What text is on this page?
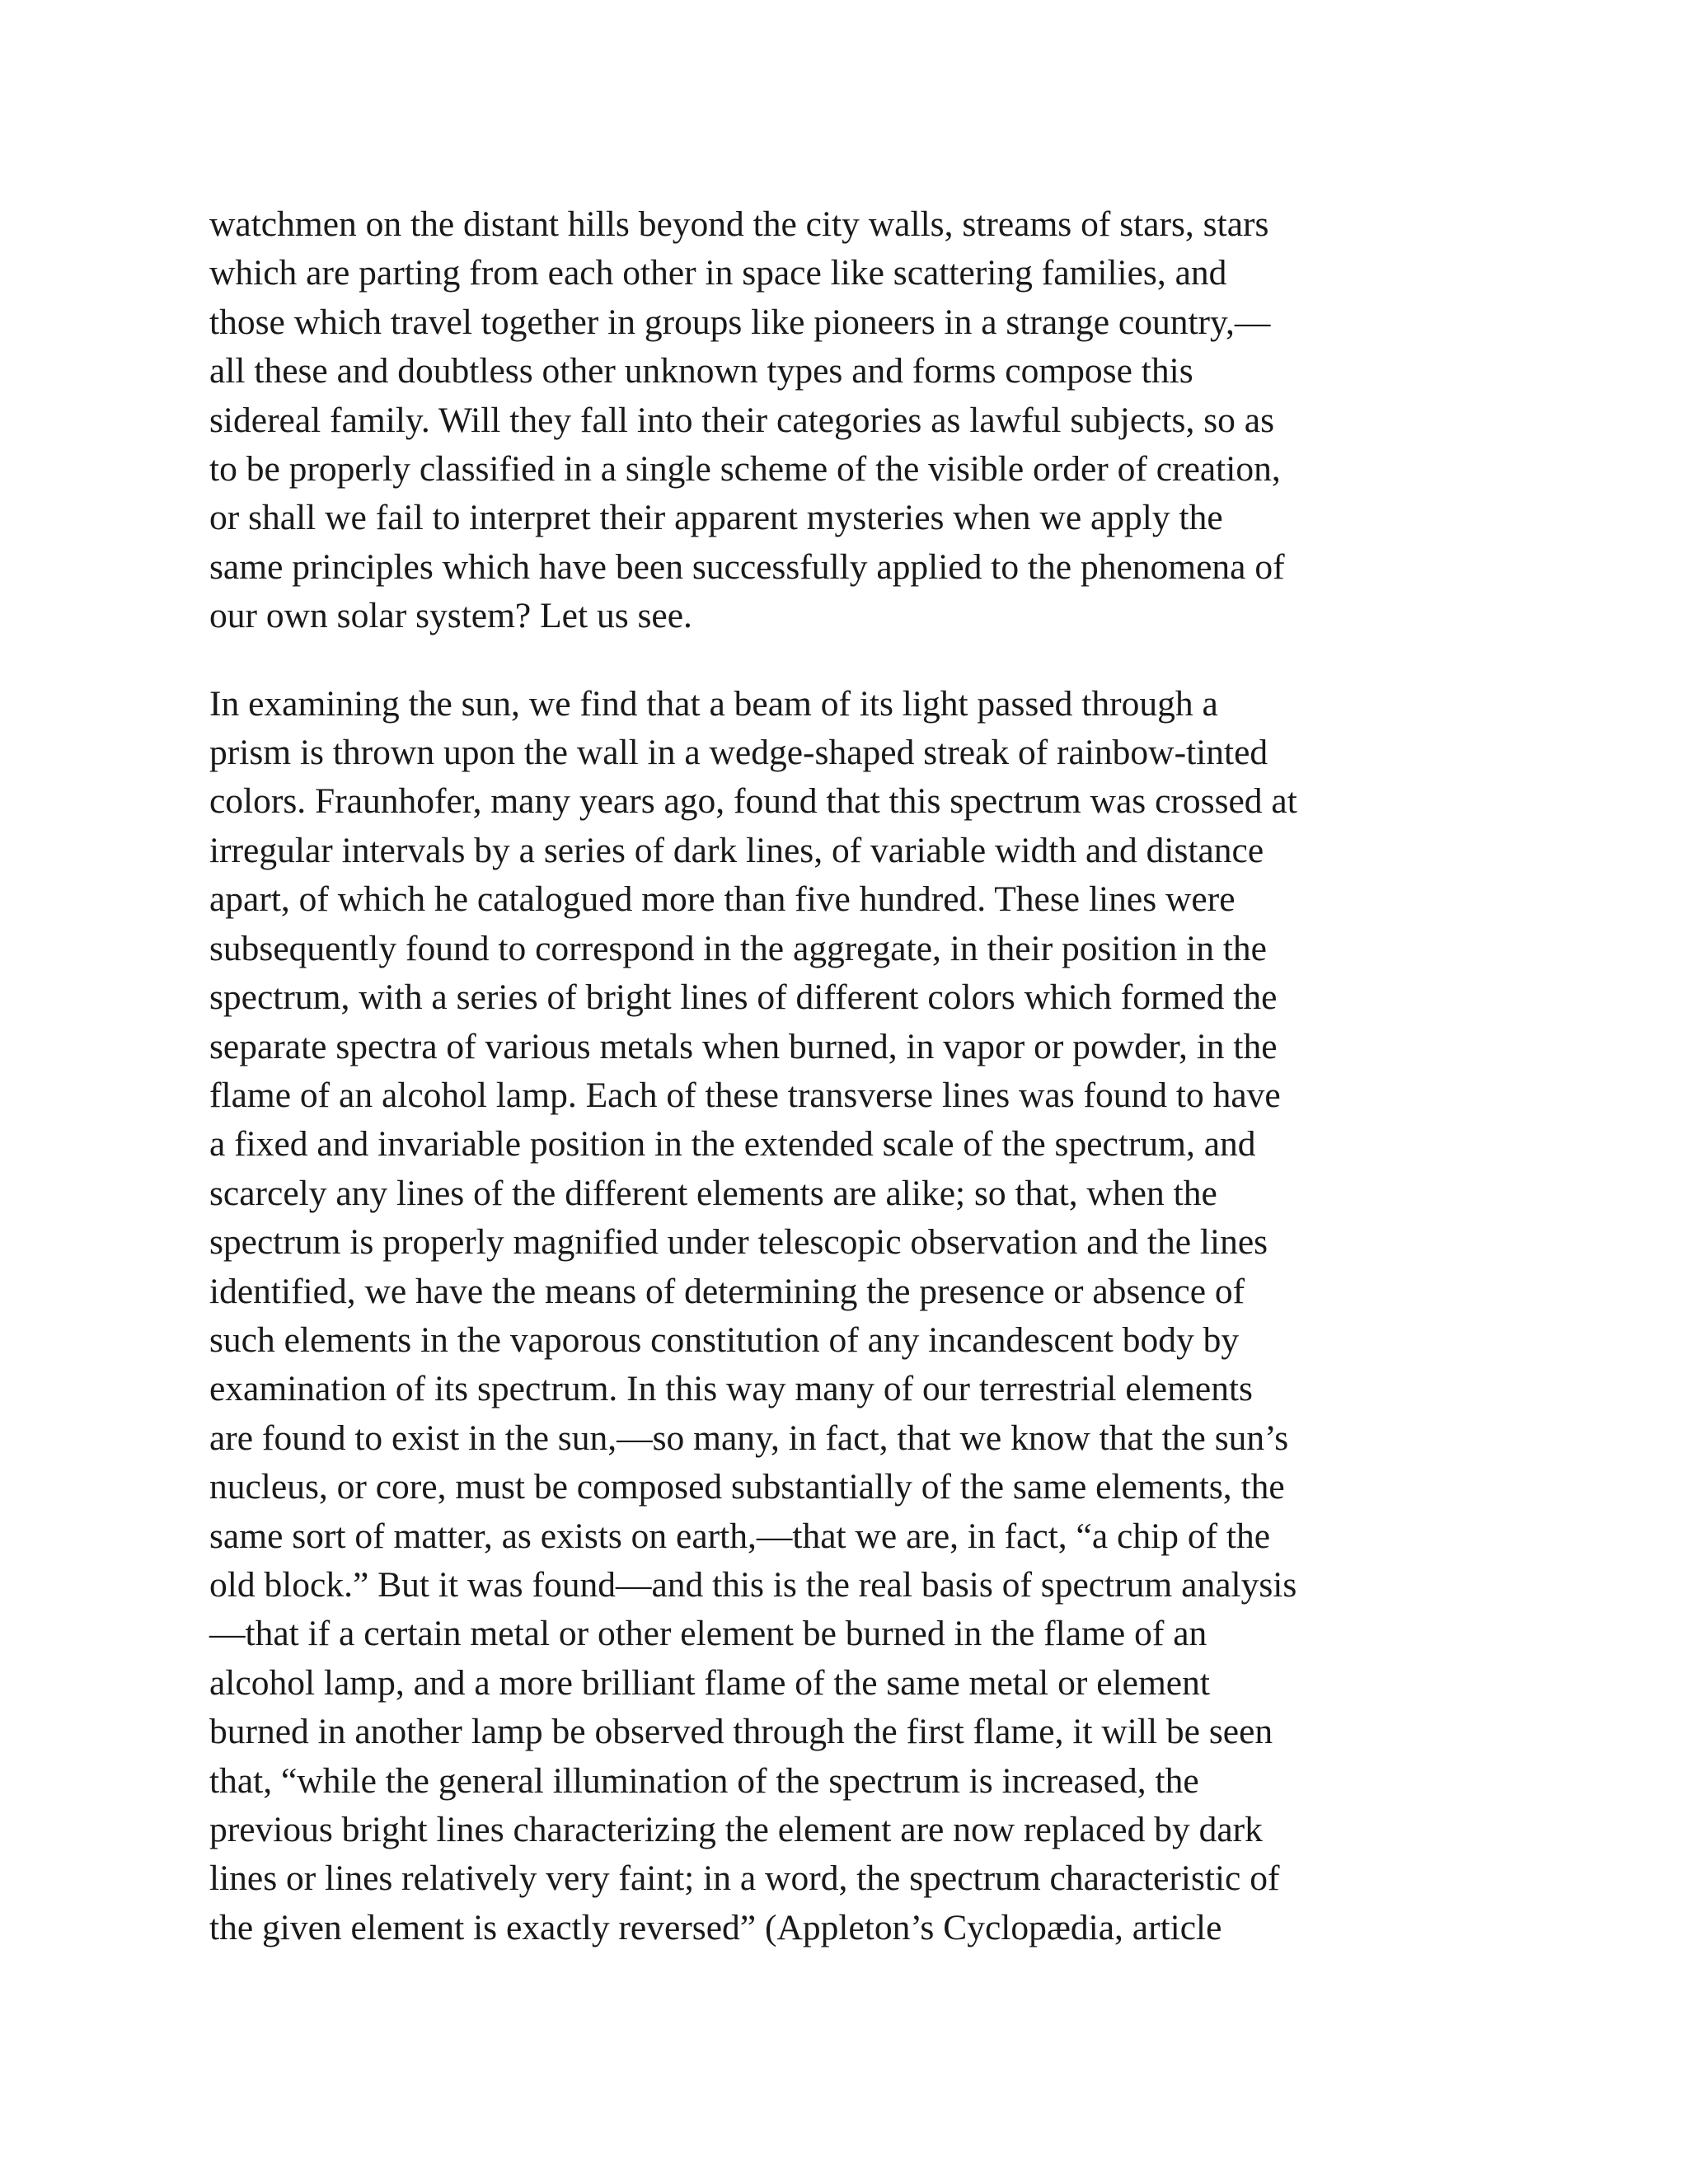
watchmen on the distant hills beyond the city walls, streams of stars, stars
which are parting from each other in space like scattering families, and
those which travel together in groups like pioneers in a strange country,—
all these and doubtless other unknown types and forms compose this
sidereal family. Will they fall into their categories as lawful subjects, so as
to be properly classified in a single scheme of the visible order of creation,
or shall we fail to interpret their apparent mysteries when we apply the
same principles which have been successfully applied to the phenomena of
our own solar system? Let us see.

In examining the sun, we find that a beam of its light passed through a
prism is thrown upon the wall in a wedge-shaped streak of rainbow-tinted
colors. Fraunhofer, many years ago, found that this spectrum was crossed at
irregular intervals by a series of dark lines, of variable width and distance
apart, of which he catalogued more than five hundred. These lines were
subsequently found to correspond in the aggregate, in their position in the
spectrum, with a series of bright lines of different colors which formed the
separate spectra of various metals when burned, in vapor or powder, in the
flame of an alcohol lamp. Each of these transverse lines was found to have
a fixed and invariable position in the extended scale of the spectrum, and
scarcely any lines of the different elements are alike; so that, when the
spectrum is properly magnified under telescopic observation and the lines
identified, we have the means of determining the presence or absence of
such elements in the vaporous constitution of any incandescent body by
examination of its spectrum. In this way many of our terrestrial elements
are found to exist in the sun,—so many, in fact, that we know that the sun’s
nucleus, or core, must be composed substantially of the same elements, the
same sort of matter, as exists on earth,—that we are, in fact, “a chip of the
old block.” But it was found—and this is the real basis of spectrum analysis
—that if a certain metal or other element be burned in the flame of an
alcohol lamp, and a more brilliant flame of the same metal or element
burned in another lamp be observed through the first flame, it will be seen
that, “while the general illumination of the spectrum is increased, the
previous bright lines characterizing the element are now replaced by dark
lines or lines relatively very faint; in a word, the spectrum characteristic of
the given element is exactly reversed” (Appleton’s Cyclopædia, article
